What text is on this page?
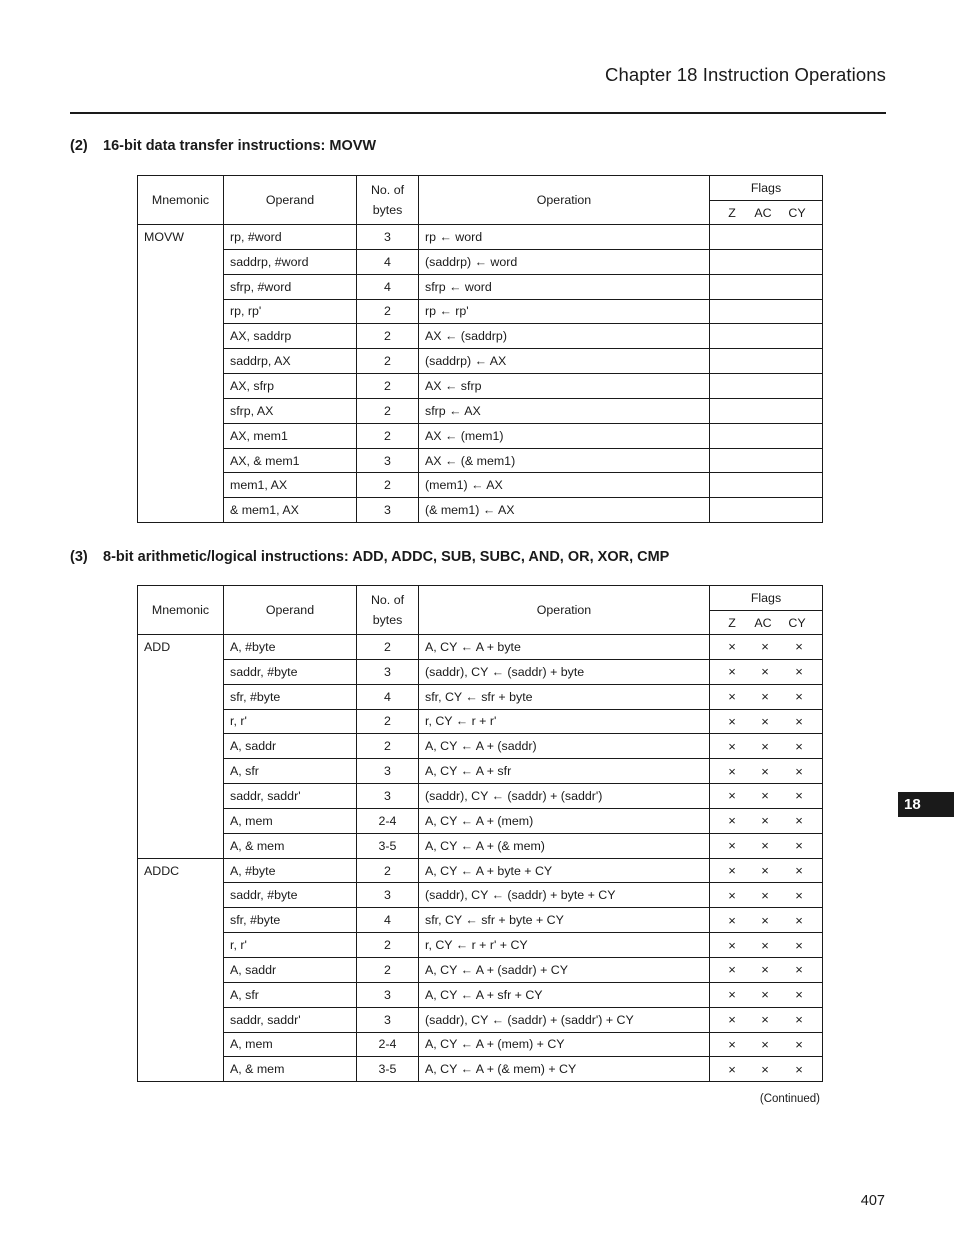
Chapter 18 Instruction Operations
(2) 16-bit data transfer instructions: MOVW
Mnemonic	Operand	No. of
bytes	Operation	Flags

				Z AC CY

MOVW	rp, #word	3	rp ← word	

	saddrp, #word	4	(saddrp) ← word	

	sfrp, #word	4	sfrp ← word	

	rp, rp'	2	rp ← rp'	

	AX, saddrp	2	AX ← (saddrp)	

	saddrp, AX	2	(saddrp) ← AX	

	AX, sfrp	2	AX ← sfrp	

	sfrp, AX	2	sfrp ← AX	

	AX, mem1	2	AX ← (mem1)	

	AX, & mem1	3	AX ← (& mem1)	

	mem1, AX	2	(mem1) ← AX	

	& mem1, AX	3	(& mem1) ← AX	
(3) 8-bit arithmetic/logical instructions: ADD, ADDC, SUB, SUBC, AND, OR, XOR, CMP
Mnemonic	Operand	No. of
bytes	Operation	Flags

				Z AC CY

ADD	A, #byte	2	A, CY ← A + byte	× × ×

	saddr, #byte	3	(saddr), CY ← (saddr) + byte	× × ×

	sfr, #byte	4	sfr, CY ← sfr + byte	× × ×

	r, r'	2	r, CY ← r + r'	× × ×

	A, saddr	2	A, CY ← A + (saddr)	× × ×

	A, sfr	3	A, CY ← A + sfr	× × ×

	saddr, saddr'	3	(saddr), CY ← (saddr) + (saddr')	× × ×

	A, mem	2-4	A, CY ← A + (mem)	× × ×

	A, & mem	3-5	A, CY ← A + (& mem)	× × ×

ADDC	A, #byte	2	A, CY ← A + byte + CY	× × ×

	saddr, #byte	3	(saddr), CY ← (saddr) + byte + CY	× × ×

	sfr, #byte	4	sfr, CY ← sfr + byte + CY	× × ×

	r, r'	2	r, CY ← r + r' + CY	× × ×

	A, saddr	2	A, CY ← A + (saddr) + CY	× × ×

	A, sfr	3	A, CY ← A + sfr + CY	× × ×

	saddr, saddr'	3	(saddr), CY ← (saddr) + (saddr') + CY	× × ×

	A, mem	2-4	A, CY ← A + (mem) + CY	× × ×

	A, & mem	3-5	A, CY ← A + (& mem) + CY	× × ×
(Continued)
18
407
